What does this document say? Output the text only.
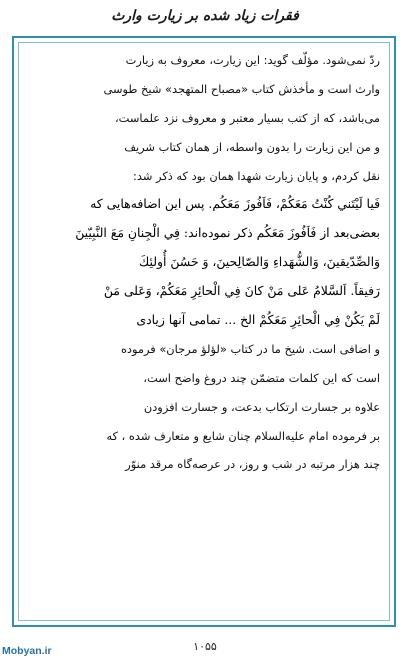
فقرات زیاد شده بر زیارت وارث
ردّ نمی‌شود. مؤلّف گوید: این زیارت، معروف به زیارت
وارث است و مأخذش کتاب «مصباح المتهجد» شیخ طوسی
می‌باشد، که از کتب بسیار معتبر و معروف نزد علماست،
و من این زیارت را بدون واسطه، از همان کتاب شریف
نقل کردم، و پایان زیارت شهدا همان بود که ذکر شد:
فَيا لَيْتَني كُنْتُ مَعَكُمْ، فَاَفُوزَ مَعَكُم. پس این اضافه‌هایی که
بعضی‌بعد از فَاَفُوزَ مَعَكُم ذکر نموده‌اند: فِي الْجِنانِ مَعَ النَّبِيّينَ
وَالصِّدّيقينَ، وَالشُّهَداءِ وَالصّالِحينَ، وَ حَسُنَ أُولئِكَ
رَفيقاً. اَلسَّلامُ عَلى مَنْ كانَ فِي الْحائِرِ مَعَكُمْ، وَعَلى مَنْ
لَمْ يَكُنْ فِي الْحائِرِ مَعَكُمْ الخ ... تمامی آنها زیادی
و اضافی است. شیخ ما در کتاب «لؤلؤ مرجان» فرموده
است که این کلمات متضمّن چند دروغ واضح است،
علاوه بر جسارت ارتکاب بدعت، و جسارت افزودن
بر فرموده امام عليه‌السلام چنان شایع و متعارف شده ، که
چند هزار مرتبه در شب و روز، در عرصه‌گاه مرقد منوّر
۱۰۵۵
Mobyan.ir
